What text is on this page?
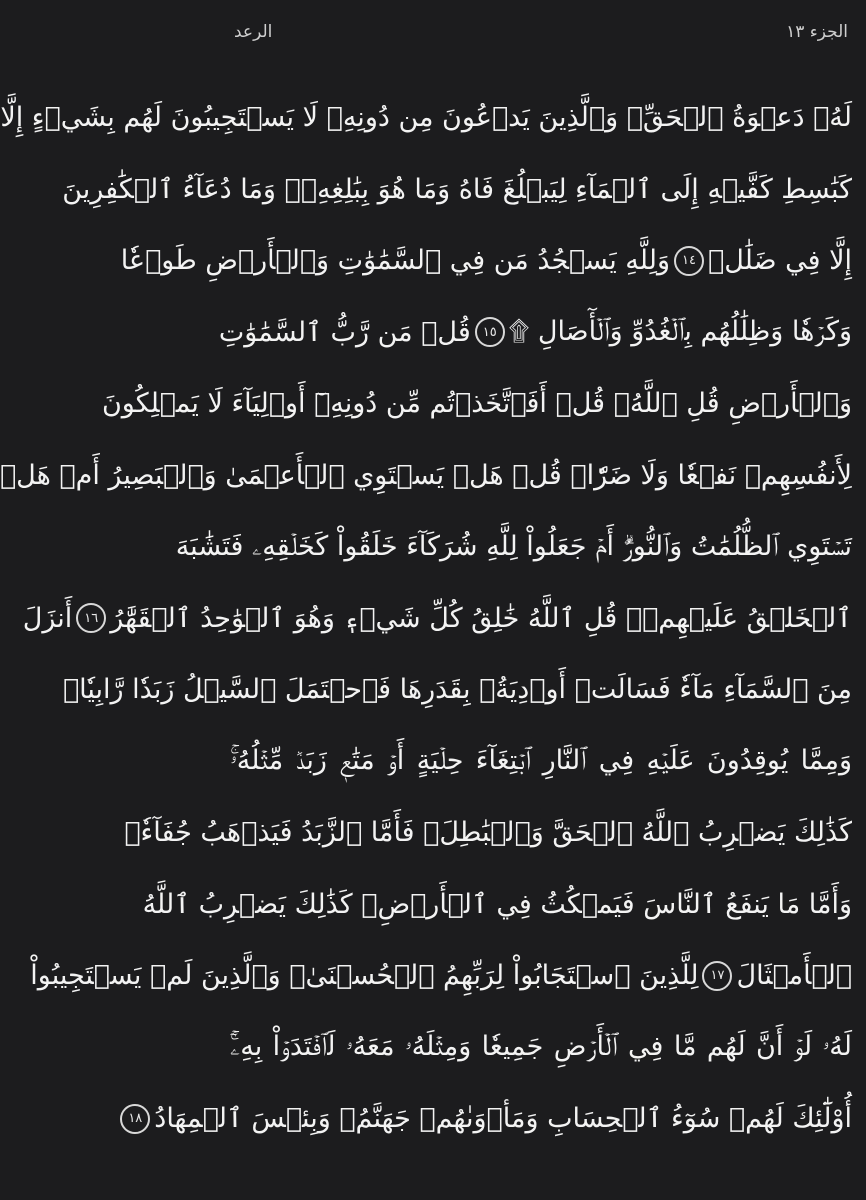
الجزء ١٣
الرعد
لَهُۥ دَعۡوَةُ ٱلۡحَقِّۚ وَٱلَّذِينَ يَدۡعُونَ مِن دُونِهِۦ لَا يَسۡتَجِيبُونَ لَهُم بِشَيۡءٍ إِلَّا
كَبَٰسِطِ كَفَّيۡهِ إِلَى ٱلۡمَآءِ لِيَبۡلُغَ فَاهُ وَمَا هُوَ بِبَٰلِغِهِۦۚ وَمَا دُعَآءُ ٱلۡكَٰفِرِينَ
إِلَّا فِي ضَلَٰلٖ
١٤
وَلِلَّهِ يَسۡجُدُ مَن فِي ٱلسَّمَٰوَٰتِ وَٱلۡأَرۡضِ طَوۡعٗا
وَكَرۡهٗا وَظِلَٰلُهُم بِٱلۡغُدُوِّ وَٱلۡأٓصَالِ ۩
١٥
قُلۡ مَن رَّبُّ ٱلسَّمَٰوَٰتِ
وَٱلۡأَرۡضِ قُلِ ٱللَّهُۚ قُلۡ أَفَٱتَّخَذۡتُم مِّن دُونِهِۦٓ أَوۡلِيَآءَ لَا يَمۡلِكُونَ
لِأَنفُسِهِمۡ نَفۡعٗا وَلَا ضَرّٗاۚ قُلۡ هَلۡ يَسۡتَوِي ٱلۡأَعۡمَىٰ وَٱلۡبَصِيرُ أَمۡ هَلۡ
تَسۡتَوِي ٱلظُّلُمَٰتُ وَٱلنُّورُۗ أَمۡ جَعَلُواْ لِلَّهِ شُرَكَآءَ خَلَقُواْ كَخَلۡقِهِۦ فَتَشَٰبَهَ
ٱلۡخَلۡقُ عَلَيۡهِمۡۚ قُلِ ٱللَّهُ خَٰلِقُ كُلِّ شَيۡءٖ وَهُوَ ٱلۡوَٰحِدُ ٱلۡقَهَّٰرُ
١٦
أَنزَلَ
مِنَ ٱلسَّمَآءِ مَآءٗ فَسَالَتۡ أَوۡدِيَةُۢ بِقَدَرِهَا فَٱحۡتَمَلَ ٱلسَّيۡلُ زَبَدٗا رَّابِيٗاۖ
وَمِمَّا يُوقِدُونَ عَلَيۡهِ فِي ٱلنَّارِ ٱبۡتِغَآءَ حِلۡيَةٍ أَوۡ مَتَٰعٖ زَبَدٞ مِّثۡلُهُۥۚ
كَذَٰلِكَ يَضۡرِبُ ٱللَّهُ ٱلۡحَقَّ وَٱلۡبَٰطِلَۚ فَأَمَّا ٱلزَّبَدُ فَيَذۡهَبُ جُفَآءٗۖ
وَأَمَّا مَا يَنفَعُ ٱلنَّاسَ فَيَمۡكُثُ فِي ٱلۡأَرۡضِۚ كَذَٰلِكَ يَضۡرِبُ ٱللَّهُ
ٱلۡأَمۡثَالَ
١٧
لِلَّذِينَ ٱسۡتَجَابُواْ لِرَبِّهِمُ ٱلۡحُسۡنَىٰۚ وَٱلَّذِينَ لَمۡ يَسۡتَجِيبُواْ
لَهُۥ لَوۡ أَنَّ لَهُم مَّا فِي ٱلۡأَرۡضِ جَمِيعٗا وَمِثۡلَهُۥ مَعَهُۥ لَٱفۡتَدَوۡاْ بِهِۦٓۚ
أُوْلَٰٓئِكَ لَهُمۡ سُوٓءُ ٱلۡحِسَابِ وَمَأۡوَىٰهُمۡ جَهَنَّمُۖ وَبِئۡسَ ٱلۡمِهَادُ
١٨
